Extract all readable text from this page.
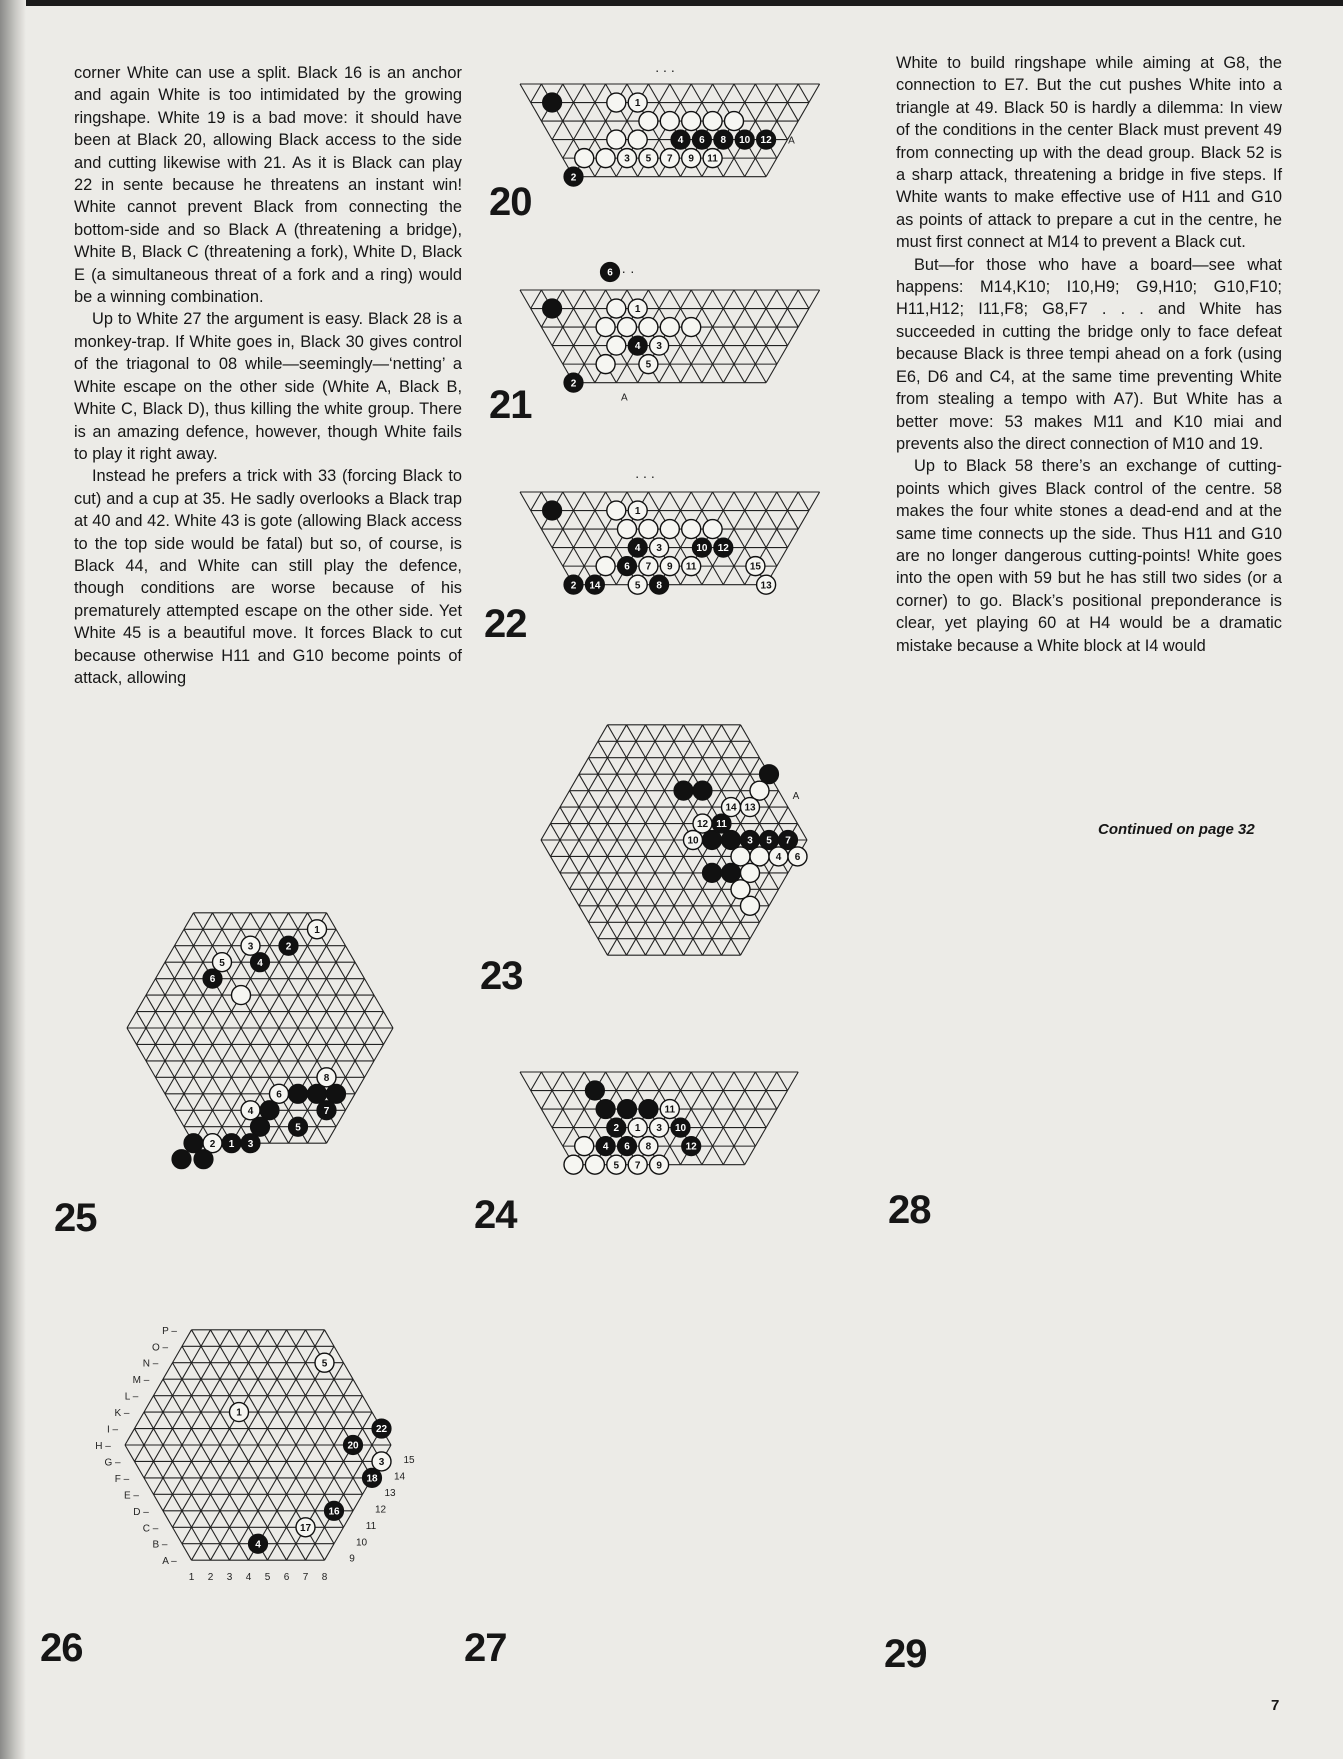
corner White can use a split. Black 16 is an anchor and again White is too intimidated by the growing ringshape. White 19 is a bad move: it should have been at Black 20, allowing Black access to the side and cutting likewise with 21. As it is Black can play 22 in sente because he threatens an instant win! White cannot prevent Black from connecting the bottom-side and so Black A (threatening a bridge), White B, Black C (threatening a fork), White D, Black E (a simultaneous threat of a fork and a ring) would be a winning combination.

Up to White 27 the argument is easy. Black 28 is a monkey-trap. If White goes in, Black 30 gives control of the triagonal to 08 while—seemingly—‘netting’ a White escape on the other side (White A, Black B, White C, Black D), thus killing the white group. There is an amazing defence, however, though White fails to play it right away.

Instead he prefers a trick with 33 (forcing Black to cut) and a cup at 35. He sadly overlooks a Black trap at 40 and 42. White 43 is gote (allowing Black access to the top side would be fatal) but so, of course, is Black 44, and White can still play the defence, though conditions are worse because of his prematurely attempted escape on the other side. Yet White 45 is a beautiful move. It forces Black to cut because otherwise H11 and G10 become points of attack, allowing

White to build ringshape while aiming at G8, the connection to E7. But the cut pushes White into a triangle at 49. Black 50 is hardly a dilemma: In view of the conditions in the center Black must prevent 49 from connecting up with the dead group. Black 52 is a sharp attack, threatening a bridge in five steps. If White wants to make effective use of H11 and G10 as points of attack to prepare a cut in the centre, he must first connect at M14 to prevent a Black cut.

But—for those who have a board—see what happens: M14,K10; I10,H9; G9,H10; G10,F10; H11,H12; I11,F8; G8,F7 . . . and White has succeeded in cutting the bridge only to face defeat because Black is three tempi ahead on a fork (using E6, D6 and C4, at the same time preventing White from stealing a tempo with A7). But White has a better move: 53 makes M11 and K10 miai and prevents also the direct connection of M10 and 19.

Up to Black 58 there’s an exchange of cutting-points which gives Black control of the centre. 58 makes the four white stones a dead-end and at the same time connects up the side. Thus H11 and G10 are no longer dangerous cutting-points! White goes into the open with 59 but he has still two sides (or a corner) to go. Black’s positional preponderance is clear, yet playing 60 at H4 would be a dramatic mistake because a White block at I4 would

Continued on page 32
. . .
1
4 6 8 10 12
3 5 7 9 11
2
A
· ·
6
1
4 3
5
2
A
. . .
1
4 3	10 12
6 7 9 11	15
2 14	5 8	13
14 13
12 11
10	3 5 7
4 6
A
11
2 1 3 10
4 6 8	12
5 7 9
1
3	2
5	4
6
8
6
4	7
5
2 1 3
A –
B –
C –
D –
E –
F –
G –
H –
I –
K –
L –
M –
N –
O –
P –
1 2 3 4 5 6 7 8
9
10
11
12
13
14
15
5
1
22
20
3
18
16
17
4
20
21
22
23
24
25
26	27
28
29
7
